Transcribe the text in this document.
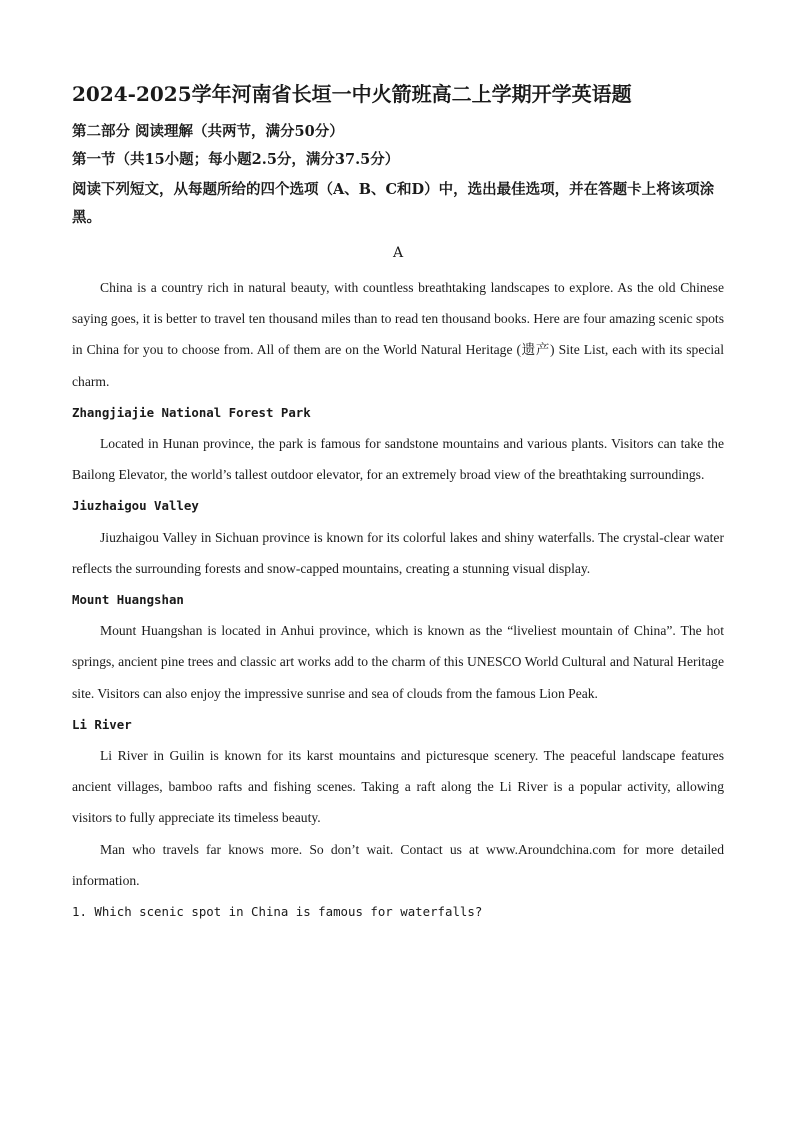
2024-2025学年河南省长垣一中火箭班高二上学期开学英语题

第二部分 阅读理解（共两节，满分50分）

第一节（共15小题；每小题2.5分，满分37.5分）

阅读下列短文，从每题所给的四个选项（A、B、C和D）中，选出最佳选项，并在答题卡上将该项涂黑。

A

China is a country rich in natural beauty, with countless breathtaking landscapes to explore. As the old Chinese saying goes, it is better to travel ten thousand miles than to read ten thousand books. Here are four amazing scenic spots in China for you to choose from. All of them are on the World Natural Heritage (遗产) Site List, each with its special charm.

Zhangjiajie National Forest Park

Located in Hunan province, the park is famous for sandstone mountains and various plants. Visitors can take the Bailong Elevator, the world’s tallest outdoor elevator, for an extremely broad view of the breathtaking surroundings.

Jiuzhaigou Valley

Jiuzhaigou Valley in Sichuan province is known for its colorful lakes and shiny waterfalls. The crystal-clear water reflects the surrounding forests and snow-capped mountains, creating a stunning visual display.

Mount Huangshan

Mount Huangshan is located in Anhui province, which is known as the “liveliest mountain of China”. The hot springs, ancient pine trees and classic art works add to the charm of this UNESCO World Cultural and Natural Heritage site. Visitors can also enjoy the impressive sunrise and sea of clouds from the famous Lion Peak.

Li River

Li River in Guilin is known for its karst mountains and picturesque scenery. The peaceful landscape features ancient villages, bamboo rafts and fishing scenes. Taking a raft along the Li River is a popular activity, allowing visitors to fully appreciate its timeless beauty.

Man who travels far knows more. So don’t wait. Contact us at www.Aroundchina.com for more detailed information.

1. Which scenic spot in China is famous for waterfalls?
